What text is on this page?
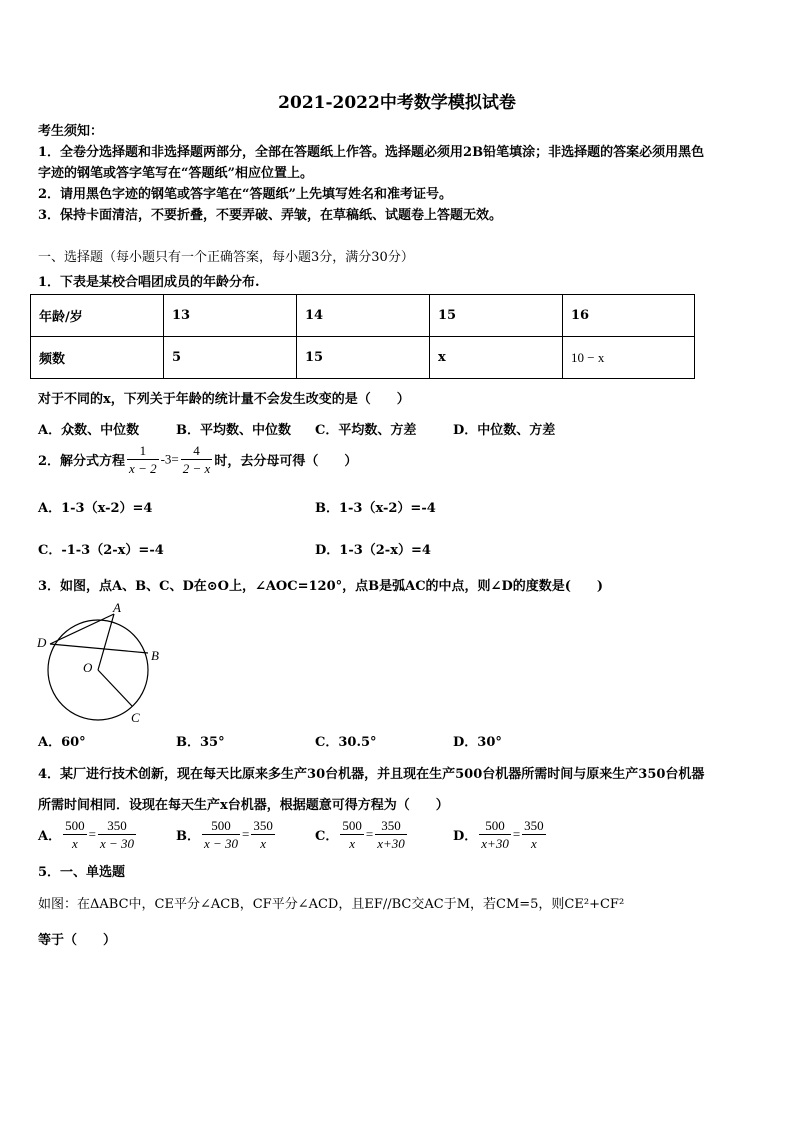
2021-2022中考数学模拟试卷
考生须知：
1．全卷分选择题和非选择题两部分，全部在答题纸上作答。选择题必须用2B铅笔填涂；非选择题的答案必须用黑色
字迹的钢笔或答字笔写在“答题纸”相应位置上。
2．请用黑色字迹的钢笔或答字笔在“答题纸”上先填写姓名和准考证号。
3．保持卡面清洁，不要折叠，不要弄破、弄皱，在草稿纸、试题卷上答题无效。
一、选择题（每小题只有一个正确答案，每小题3分，满分30分）
1．下表是某校合唱团成员的年龄分布.
年龄/岁	13	14	15	16
频数	5	15	x	10 − x
对于不同的x，下列关于年龄的统计量不会发生改变的是（　　）
A．众数、中位数	B．平均数、中位数 C．平均数、方差	D．中位数、方差
2．解分式方程 $\frac{1}{x - 2} -3= \frac{4}{2 - x}$ 时，去分母可得（　　）
A．1-3（x-2）=4	B．1-3（x-2）=-4
C．-1-3（2-x）=-4	D．1-3（2-x）=4
3．如图，点A、B、C、D在⊙O上，∠AOC=120°，点B是弧AC的中点，则∠D的度数是(　　)
A
B
C
D
O
A．60°	B．35°	C．30.5°	D．30°
4．某厂进行技术创新，现在每天比原来多生产30台机器，并且现在生产500台机器所需时间与原来生产350台机器
所需时间相同．设现在每天生产x台机器，根据题意可得方程为（　　）
A． $\frac{500}{x} = \frac{350}{x - 30}$	B． $\frac{500}{x - 30} = \frac{350}{x}$	C． $\frac{500}{x} = \frac{350}{x+30}$	D． $\frac{500}{x+30} = \frac{350}{x}$
5．一、单选题
如图：在ΔABC中，CE平分∠ACB，CF平分∠ACD，且EF//BC交AC于M，若CM=5，则CE²+CF²
等于（　　）
